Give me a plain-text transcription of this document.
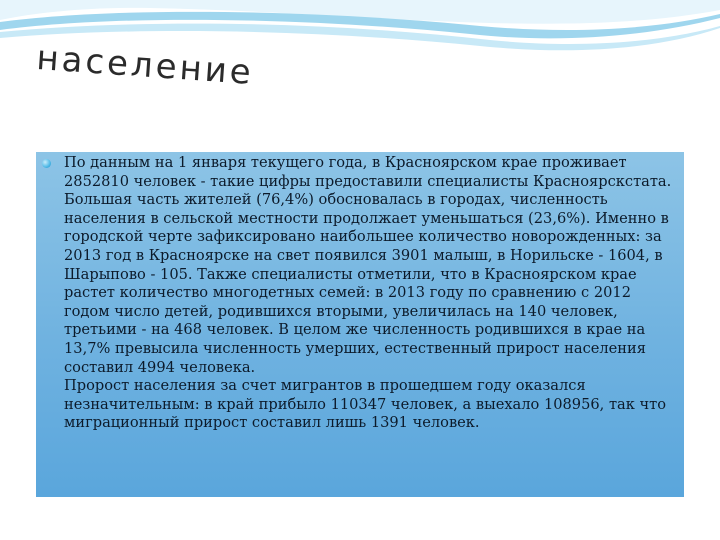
население

По данным на 1 января текущего года, в Красноярском крае проживает 2852810 человек - такие цифры предоставили специалисты Красноярскстата. Большая часть жителей (76,4%) обосновалась в городах, численность населения в сельской местности продолжает уменьшаться (23,6%). Именно в городской черте зафиксировано наибольшее количество новорожденных: за 2013 год в Красноярске на свет появился 3901 малыш, в Норильске - 1604, в Шарыпово - 105. Также специалисты отметили, что в Красноярском крае растет количество многодетных семей: в 2013 году по сравнению с 2012 годом число детей, родившихся вторыми, увеличилась на 140 человек, третьими - на 468 человек. В целом же численность родившихся в крае на 13,7% превысила численность умерших, естественный прирост населения составил 4994 человека.
Пророст населения за счет мигрантов в прошедшем году оказался незначительным: в край прибыло 110347 человек, а выехало 108956, так что миграционный прирост составил лишь 1391 человек.
